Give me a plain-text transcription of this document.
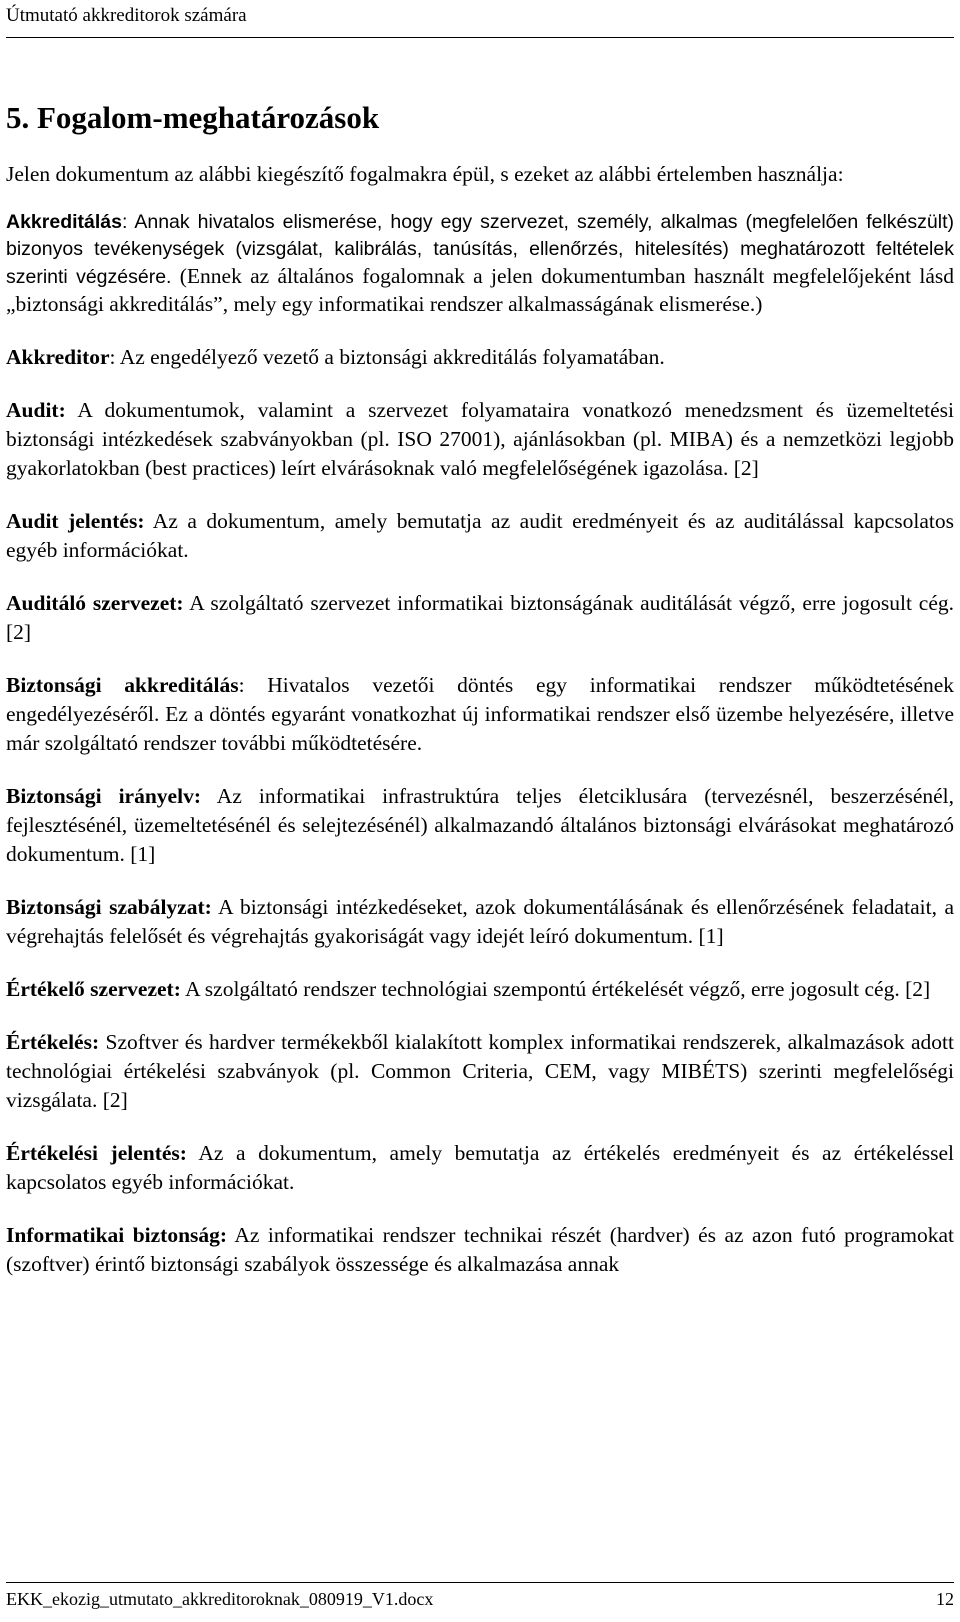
Útmutató akkreditorok számára
5. Fogalom-meghatározások

Jelen dokumentum az alábbi kiegészítő fogalmakra épül, s ezeket az alábbi értelemben használja:

Akkreditálás: Annak hivatalos elismerése, hogy egy szervezet, személy, alkalmas (megfelelően felkészült) bizonyos tevékenységek (vizsgálat, kalibrálás, tanúsítás, ellenőrzés, hitelesítés) meghatározott feltételek szerinti végzésére. (Ennek az általános fogalomnak a jelen dokumentumban használt megfelelőjeként lásd „biztonsági akkreditálás”, mely egy informatikai rendszer alkalmasságának elismerése.)

Akkreditor: Az engedélyező vezető a biztonsági akkreditálás folyamatában.

Audit: A dokumentumok, valamint a szervezet folyamataira vonatkozó menedzsment és üzemeltetési biztonsági intézkedések szabványokban (pl. ISO 27001), ajánlásokban (pl. MIBA) és a nemzetközi legjobb gyakorlatokban (best practices) leírt elvárásoknak való megfelelőségének igazolása. [2]

Audit jelentés: Az a dokumentum, amely bemutatja az audit eredményeit és az auditálással kapcsolatos egyéb információkat.

Auditáló szervezet: A szolgáltató szervezet informatikai biztonságának auditálását végző, erre jogosult cég. [2]

Biztonsági akkreditálás: Hivatalos vezetői döntés egy informatikai rendszer működtetésének engedélyezéséről. Ez a döntés egyaránt vonatkozhat új informatikai rendszer első üzembe helyezésére, illetve már szolgáltató rendszer további működtetésére.

Biztonsági irányelv: Az informatikai infrastruktúra teljes életciklusára (tervezésnél, beszerzésénél, fejlesztésénél, üzemeltetésénél és selejtezésénél) alkalmazandó általános biztonsági elvárásokat meghatározó dokumentum. [1]

Biztonsági szabályzat: A biztonsági intézkedéseket, azok dokumentálásának és ellenőrzésének feladatait, a végrehajtás felelősét és végrehajtás gyakoriságát vagy idejét leíró dokumentum. [1]

Értékelő szervezet: A szolgáltató rendszer technológiai szempontú értékelését végző, erre jogosult cég. [2]

Értékelés: Szoftver és hardver termékekből kialakított komplex informatikai rendszerek, alkalmazások adott technológiai értékelési szabványok (pl. Common Criteria, CEM, vagy MIBÉTS) szerinti megfelelőségi vizsgálata. [2]

Értékelési jelentés: Az a dokumentum, amely bemutatja az értékelés eredményeit és az értékeléssel kapcsolatos egyéb információkat.

Informatikai biztonság: Az informatikai rendszer technikai részét (hardver) és az azon futó programokat (szoftver) érintő biztonsági szabályok összessége és alkalmazása annak

EKK_ekozig_utmutato_akkreditoroknak_080919_V1.docx	12
